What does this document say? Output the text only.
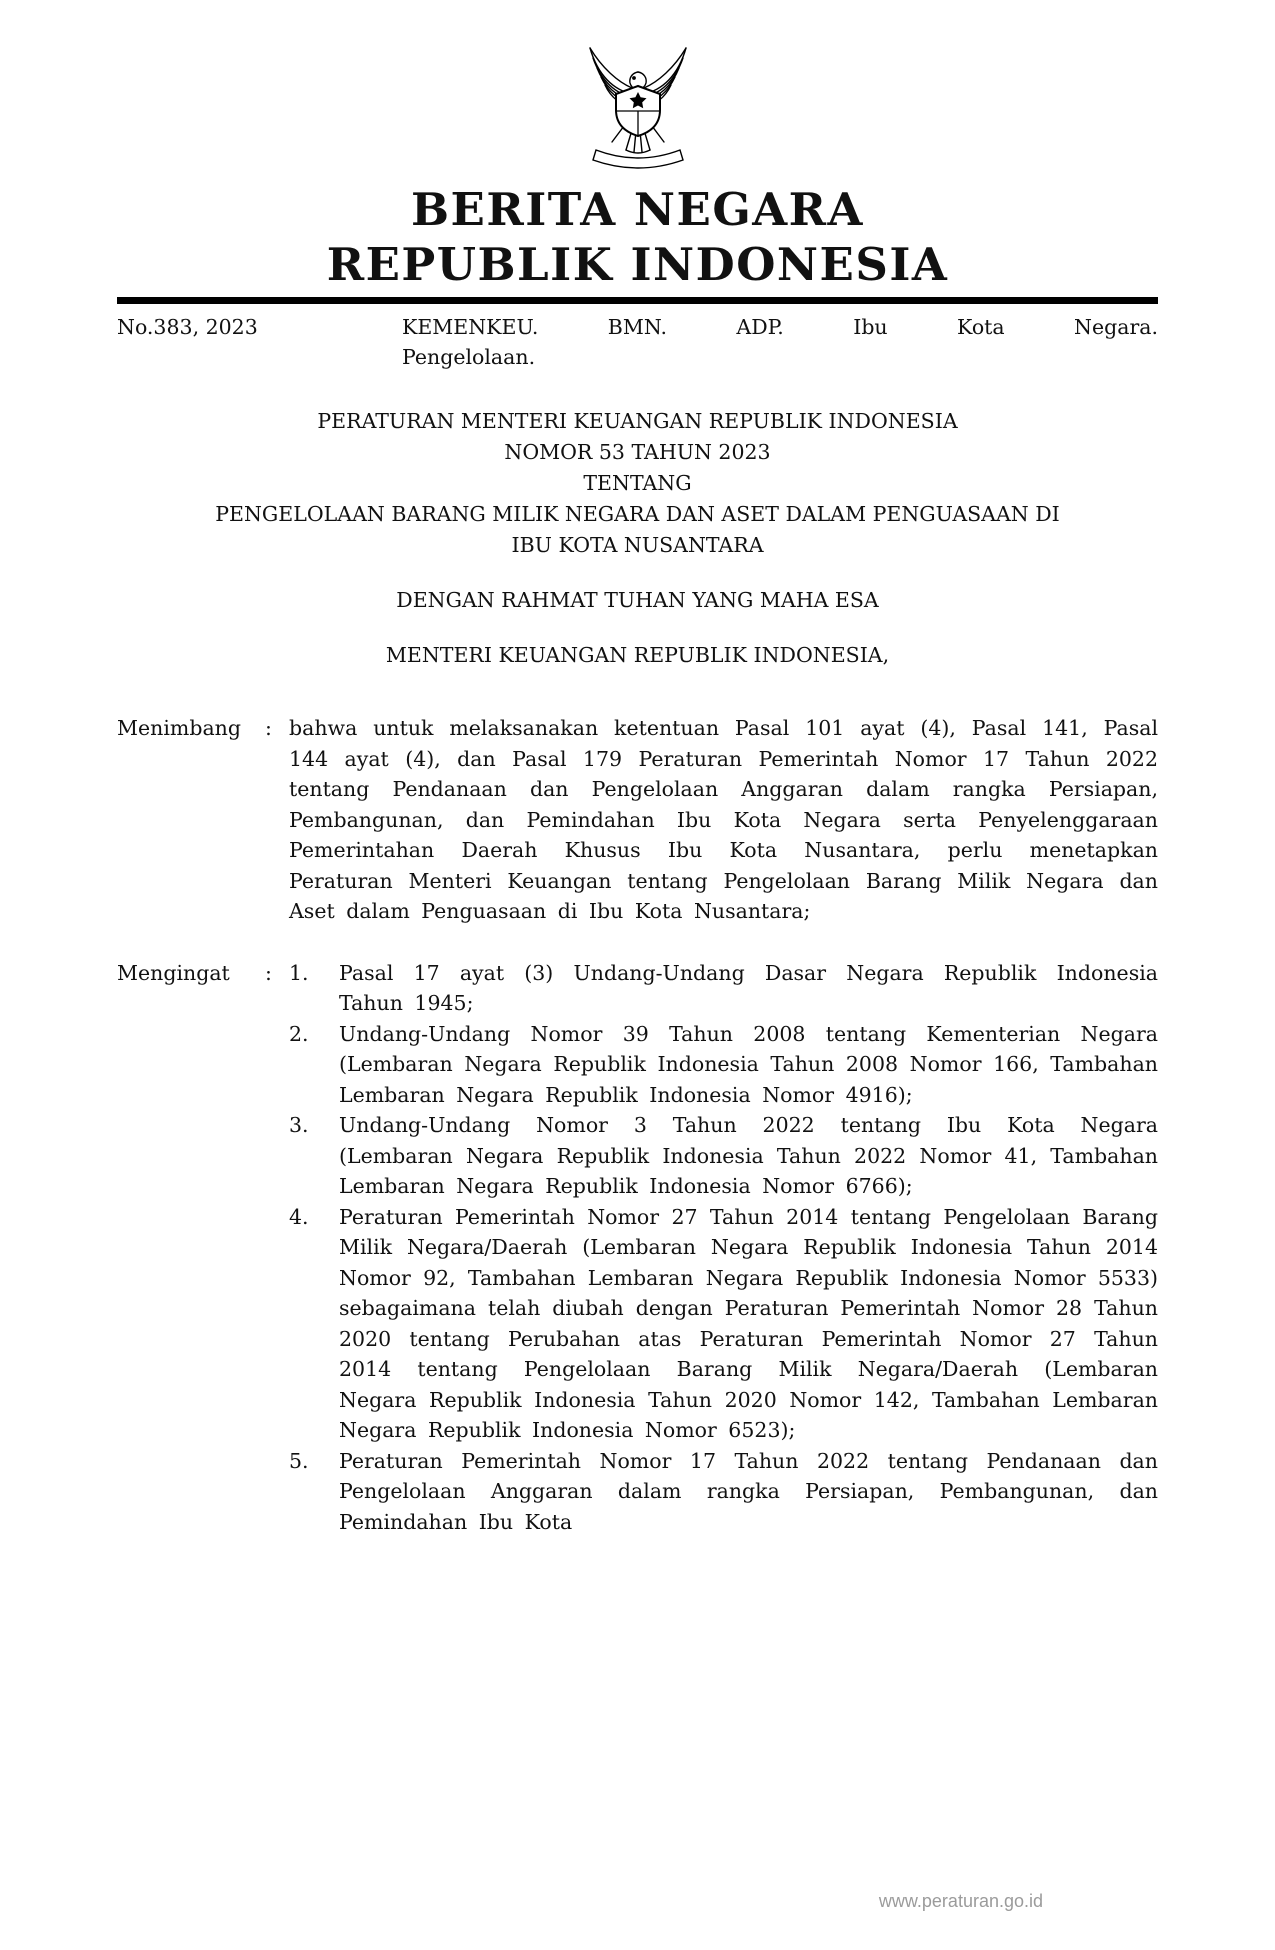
BERITA NEGARA
REPUBLIK INDONESIA
No.383, 2023	KEMENKEU. BMN. ADP. Ibu Kota Negara.
Pengelolaan.
PERATURAN MENTERI KEUANGAN REPUBLIK INDONESIA
NOMOR 53 TAHUN 2023
TENTANG
PENGELOLAAN BARANG MILIK NEGARA DAN ASET DALAM PENGUASAAN DI
IBU KOTA NUSANTARA
DENGAN RAHMAT TUHAN YANG MAHA ESA
MENTERI KEUANGAN REPUBLIK INDONESIA,
Menimbang	: bahwa untuk melaksanakan ketentuan Pasal 101 ayat (4), Pasal 141, Pasal 144 ayat (4), dan Pasal 179 Peraturan Pemerintah Nomor 17 Tahun 2022 tentang Pendanaan dan Pengelolaan Anggaran dalam rangka Persiapan, Pembangunan, dan Pemindahan Ibu Kota Negara serta Penyelenggaraan Pemerintahan Daerah Khusus Ibu Kota Nusantara, perlu menetapkan Peraturan Menteri Keuangan tentang Pengelolaan Barang Milik Negara dan Aset dalam Penguasaan di Ibu Kota Nusantara;

Mengingat	: 1.	Pasal 17 ayat (3) Undang-Undang Dasar Negara Republik Indonesia Tahun 1945;
2.	Undang-Undang Nomor 39 Tahun 2008 tentang Kementerian Negara (Lembaran Negara Republik Indonesia Tahun 2008 Nomor 166, Tambahan Lembaran Negara Republik Indonesia Nomor 4916);
3.	Undang-Undang Nomor 3 Tahun 2022 tentang Ibu Kota Negara (Lembaran Negara Republik Indonesia Tahun 2022 Nomor 41, Tambahan Lembaran Negara Republik Indonesia Nomor 6766);
4.	Peraturan Pemerintah Nomor 27 Tahun 2014 tentang Pengelolaan Barang Milik Negara/Daerah (Lembaran Negara Republik Indonesia Tahun 2014 Nomor 92, Tambahan Lembaran Negara Republik Indonesia Nomor 5533) sebagaimana telah diubah dengan Peraturan Pemerintah Nomor 28 Tahun 2020 tentang Perubahan atas Peraturan Pemerintah Nomor 27 Tahun 2014 tentang Pengelolaan Barang Milik Negara/Daerah (Lembaran Negara Republik Indonesia Tahun 2020 Nomor 142, Tambahan Lembaran Negara Republik Indonesia Nomor 6523);
5.	Peraturan Pemerintah Nomor 17 Tahun 2022 tentang Pendanaan dan Pengelolaan Anggaran dalam rangka Persiapan, Pembangunan, dan Pemindahan Ibu Kota
www.peraturan.go.id
